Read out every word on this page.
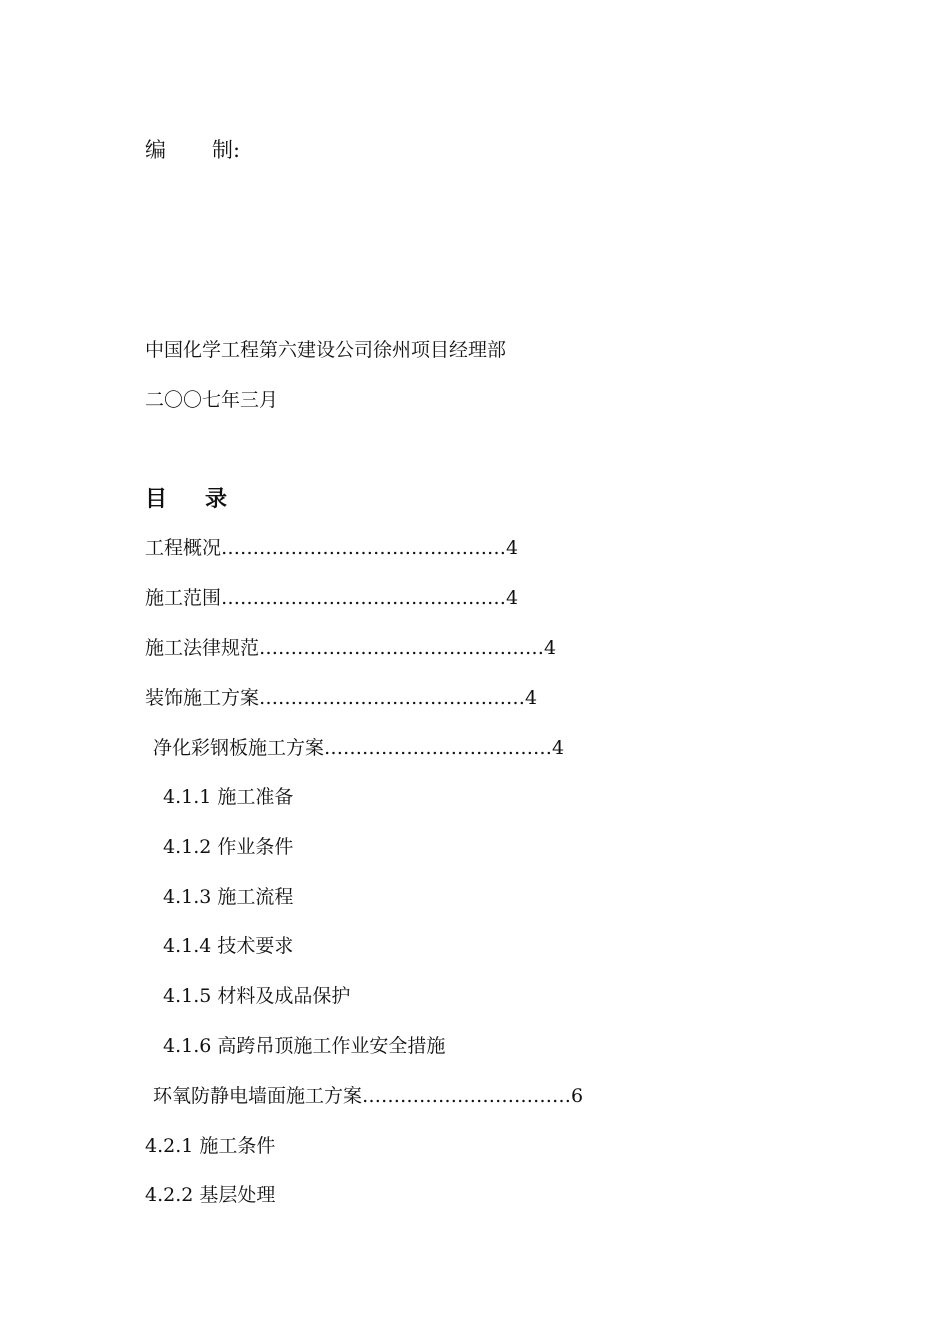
编 制:
中国化学工程第六建设公司徐州项目经理部
二〇〇七年三月
目 录
工程概况………………………………………4
施工范围………………………………………4
施工法律规范………………………………………4
装饰施工方案……………………………………4
净化彩钢板施工方案………………………………4
4.1.1 施工准备
4.1.2 作业条件
4.1.3 施工流程
4.1.4 技术要求
4.1.5 材料及成品保护
4.1.6 高跨吊顶施工作业安全措施
环氧防静电墙面施工方案……………………………6
4.2.1 施工条件
4.2.2 基层处理
